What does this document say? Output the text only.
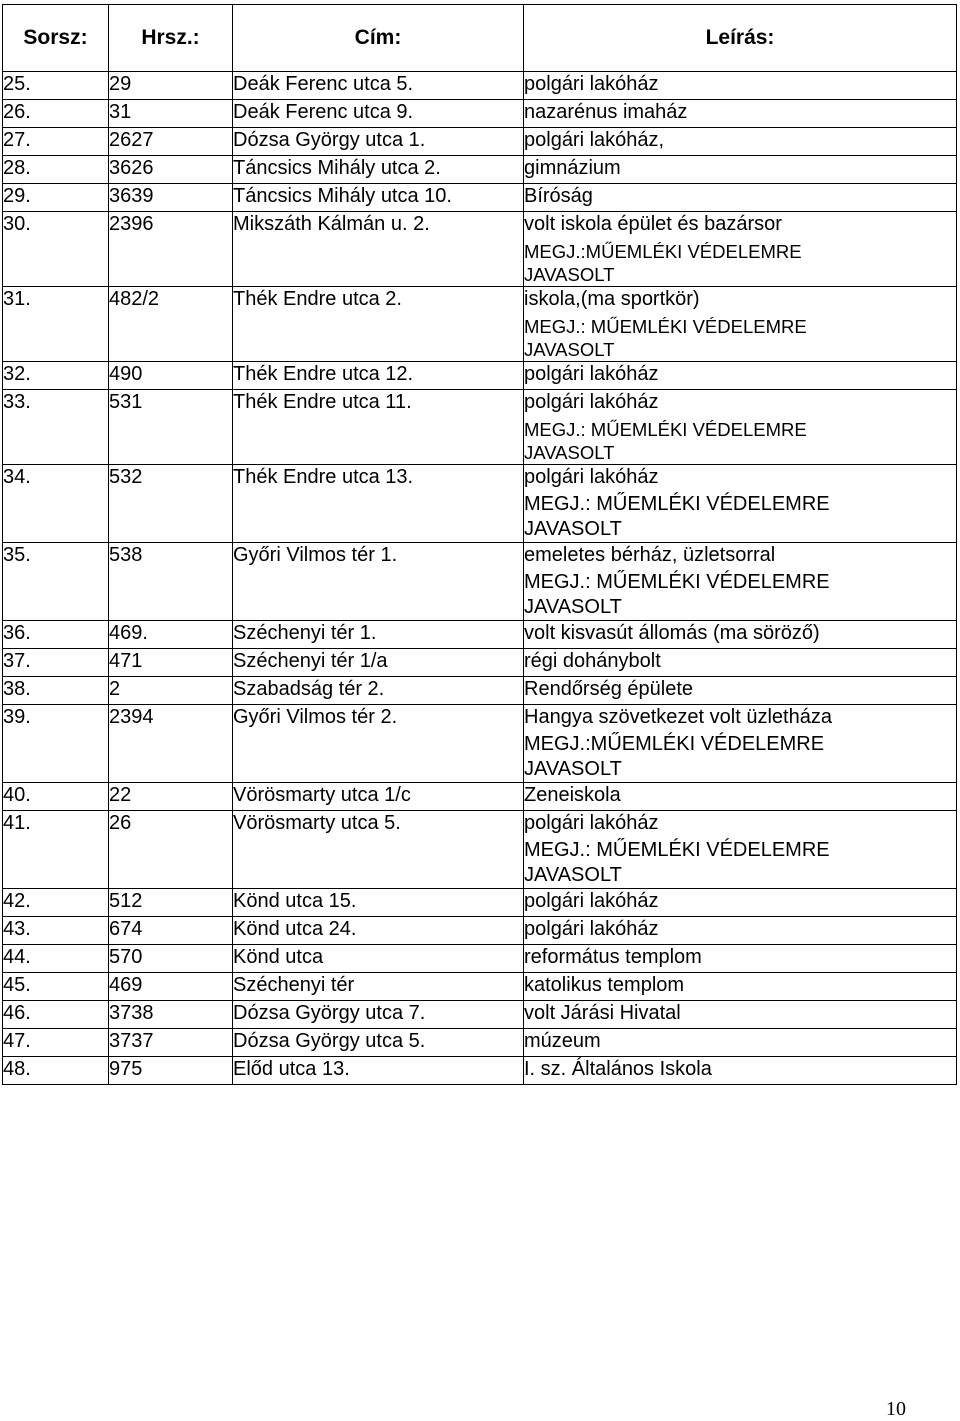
Sorsz:	Hrsz.:	Cím:	Leírás:
25.	29	Deák Ferenc utca 5.	polgári lakóház

26.	31	Deák Ferenc utca 9.	nazarénus imaház

27.	2627	Dózsa György utca 1.	polgári lakóház,

28.	3626	Táncsics Mihály utca 2.	gimnázium

29.	3639	Táncsics Mihály utca 10.	Bíróság

30.	2396	Mikszáth Kálmán u. 2.	volt iskola épület és bazársor
MEGJ.:MŰEMLÉKI VÉDELEMRE JAVASOLT

31.	482/2	Thék Endre utca 2.	iskola,(ma sportkör)
MEGJ.: MŰEMLÉKI VÉDELEMRE JAVASOLT

32.	490	Thék Endre utca 12.	polgári lakóház

33.	531	Thék Endre utca 11.	polgári lakóház
MEGJ.: MŰEMLÉKI VÉDELEMRE JAVASOLT

34.	532	Thék Endre utca 13.	polgári lakóház
MEGJ.: MŰEMLÉKI VÉDELEMRE JAVASOLT

35.	538	Győri Vilmos tér 1.	emeletes bérház, üzletsorral
MEGJ.: MŰEMLÉKI VÉDELEMRE JAVASOLT

36.	469.	Széchenyi tér 1.	volt kisvasút állomás (ma söröző)

37.	471	Széchenyi tér 1/a	régi dohánybolt

38.	2	Szabadság tér 2.	Rendőrség épülete

39.	2394	Győri Vilmos tér 2.	Hangya szövetkezet volt üzletháza
MEGJ.:MŰEMLÉKI VÉDELEMRE JAVASOLT

40.	22	Vörösmarty utca 1/c	Zeneiskola

41.	26	Vörösmarty utca 5.	polgári lakóház
MEGJ.: MŰEMLÉKI VÉDELEMRE JAVASOLT

42.	512	Könd utca 15.	polgári lakóház

43.	674	Könd utca 24.	polgári lakóház

44.	570	Könd utca	református templom

45.	469	Széchenyi tér	katolikus templom

46.	3738	Dózsa György utca 7.	volt Járási Hivatal

47.	3737	Dózsa György utca 5.	múzeum

48.	975	Előd utca 13.	I. sz. Általános Iskola
10
